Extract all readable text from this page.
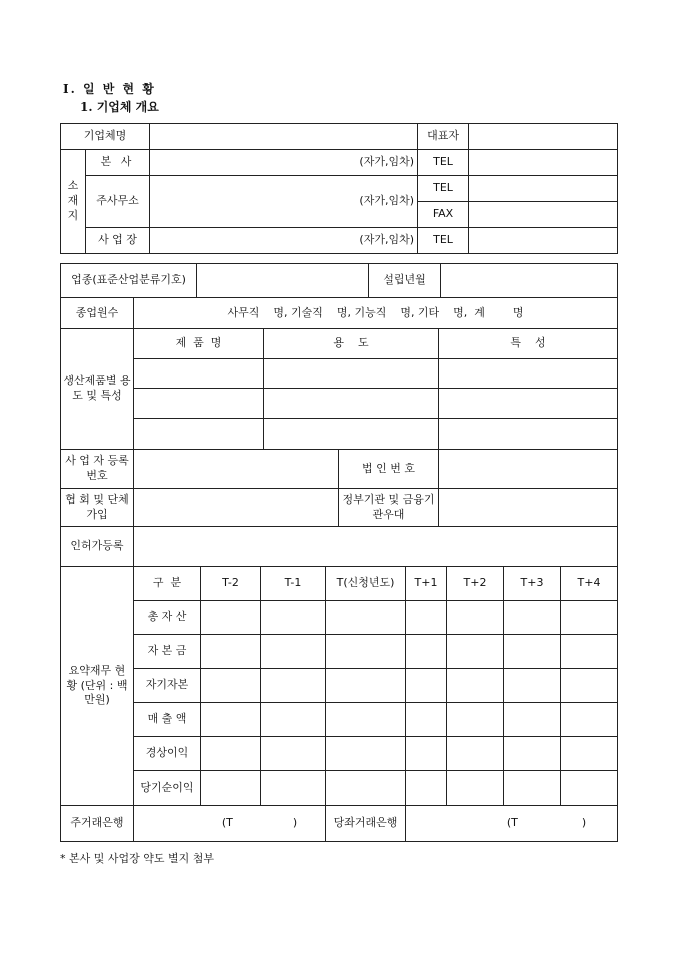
Ⅰ. 일 반 현 황
1. 기업체 개요
기업체명			대표자	
소재지	본 사	(자가,임차)	TEL	
	주사무소	(자가,임차)	TEL	
			FAX	
	사 업 장	(자가,임차)	TEL	
업종(표준산업분류기호)		설립년월	
종업원수	사무직    명, 기술직    명, 기능직    명, 기타    명,  계        명
생산제품별 용도 및 특성	제  품  명	용    도	특    성

사 업 자 등록번호		법 인 번 호	
협 회 및 단체가입		정부기관 및 금융기관우대	
인허가등록			
요약재무 현 황 (단위 : 백만원)	구  분	T-2	T-1	T(신청년도)	T+1	T+2	T+3	T+4
	총 자 산							
	자 본 금							
	자기자본							
	매 출 액							
	경상이익							
	당기순이익							
주거래은행	(T	)	당좌거래은행	(T	)
* 본사 및 사업장 약도 별지 첨부
